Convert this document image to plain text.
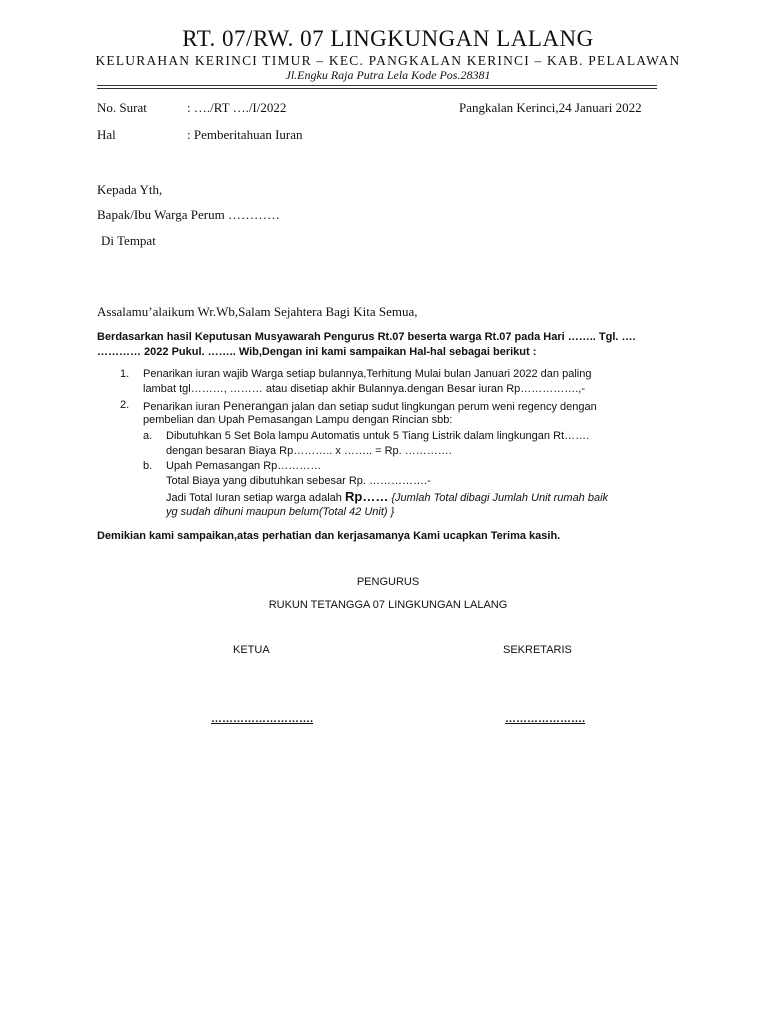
RT. 07/RW. 07 LINGKUNGAN LALANG
KELURAHAN KERINCI TIMUR – KEC. PANGKALAN KERINCI – KAB. PELALAWAN
Jl.Engku Raja Putra Lela Kode Pos.28381
No. Surat	: …./RT …./I/2022	Pangkalan Kerinci,24 Januari 2022
Hal	: Pemberitahuan Iuran
Kepada Yth,
Bapak/Ibu Warga Perum …………
Di Tempat
Assalamu’alaikum Wr.Wb,Salam Sejahtera Bagi Kita Semua,
Berdasarkan hasil Keputusan Musyawarah Pengurus Rt.07 beserta warga Rt.07 pada Hari …….. Tgl. ….
………… 2022 Pukul. …….. Wib,Dengan ini kami sampaikan Hal-hal sebagai berikut :
1. Penarikan iuran wajib Warga setiap bulannya,Terhitung Mulai bulan Januari 2022 dan paling
lambat tgl………, ……… atau disetiap akhir Bulannya.dengan Besar iuran Rp…………….,-
2. Penarikan iuran Penerangan jalan dan setiap sudut lingkungan perum weni regency dengan
pembelian dan Upah Pemasangan Lampu dengan Rincian sbb:
a. Dibutuhkan 5 Set Bola lampu Automatis untuk 5 Tiang Listrik dalam lingkungan Rt…….
dengan besaran Biaya Rp……….. x …….. = Rp. ………….
b. Upah Pemasangan Rp…………
Total Biaya yang dibutuhkan sebesar Rp. …………….-
Jadi Total Iuran setiap warga adalah Rp…… {Jumlah Total dibagi Jumlah Unit rumah baik
yg sudah dihuni maupun belum(Total 42 Unit) }
Demikian kami sampaikan,atas perhatian dan kerjasamanya Kami ucapkan Terima kasih.
PENGURUS
RUKUN TETANGGA 07 LINGKUNGAN LALANG
KETUA	SEKRETARIS
……………………….	………………….
